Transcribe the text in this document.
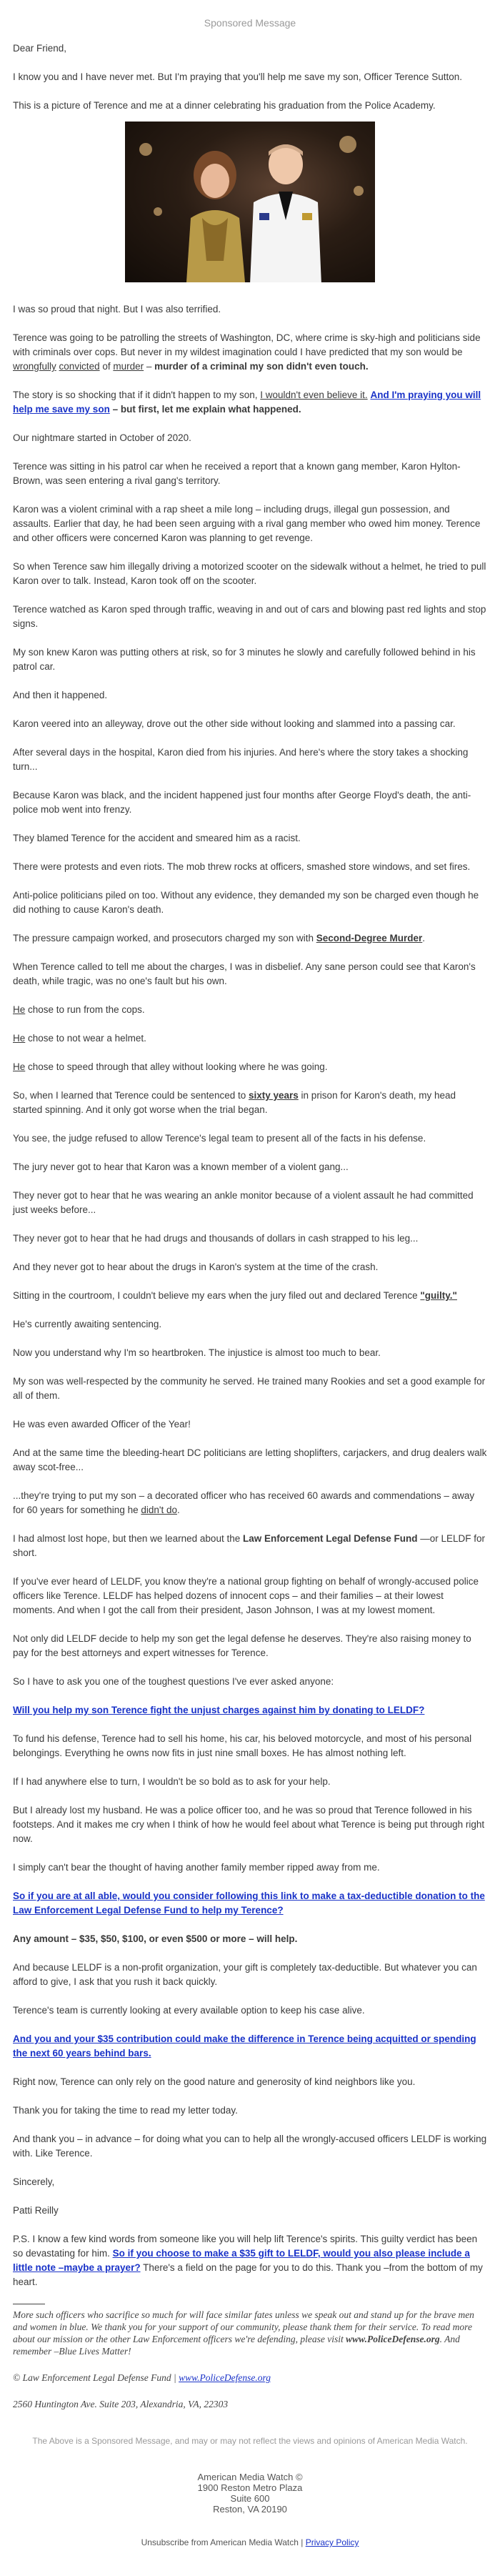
Sponsored Message

Dear Friend,

I know you and I have never met. But I'm praying that you'll help me save my son, Officer Terence Sutton.

This is a picture of Terence and me at a dinner celebrating his graduation from the Police Academy.

I was so proud that night. But I was also terrified.

Terence was going to be patrolling the streets of Washington, DC, where crime is sky-high and politicians side with criminals over cops. But never in my wildest imagination could I have predicted that my son would be wrongfully convicted of murder – murder of a criminal my son didn't even touch.

The story is so shocking that if it didn't happen to my son, I wouldn't even believe it. And I'm praying you will help me save my son – but first, let me explain what happened.

Our nightmare started in October of 2020.

Terence was sitting in his patrol car when he received a report that a known gang member, Karon Hylton-Brown, was seen entering a rival gang's territory.

Karon was a violent criminal with a rap sheet a mile long – including drugs, illegal gun possession, and assaults. Earlier that day, he had been seen arguing with a rival gang member who owed him money. Terence and other officers were concerned Karon was planning to get revenge.

So when Terence saw him illegally driving a motorized scooter on the sidewalk without a helmet, he tried to pull Karon over to talk. Instead, Karon took off on the scooter.

Terence watched as Karon sped through traffic, weaving in and out of cars and blowing past red lights and stop signs.

My son knew Karon was putting others at risk, so for 3 minutes he slowly and carefully followed behind in his patrol car.

And then it happened.

Karon veered into an alleyway, drove out the other side without looking and slammed into a passing car.

After several days in the hospital, Karon died from his injuries. And here's where the story takes a shocking turn...

Because Karon was black, and the incident happened just four months after George Floyd's death, the anti-police mob went into frenzy.

They blamed Terence for the accident and smeared him as a racist.

There were protests and even riots. The mob threw rocks at officers, smashed store windows, and set fires.

Anti-police politicians piled on too. Without any evidence, they demanded my son be charged even though he did nothing to cause Karon's death.

The pressure campaign worked, and prosecutors charged my son with Second-Degree Murder.

When Terence called to tell me about the charges, I was in disbelief. Any sane person could see that Karon's death, while tragic, was no one's fault but his own.

He chose to run from the cops.

He chose to not wear a helmet.

He chose to speed through that alley without looking where he was going.

So, when I learned that Terence could be sentenced to sixty years in prison for Karon's death, my head started spinning. And it only got worse when the trial began.

You see, the judge refused to allow Terence's legal team to present all of the facts in his defense.

The jury never got to hear that Karon was a known member of a violent gang...

They never got to hear that he was wearing an ankle monitor because of a violent assault he had committed just weeks before...

They never got to hear that he had drugs and thousands of dollars in cash strapped to his leg...

And they never got to hear about the drugs in Karon's system at the time of the crash.

Sitting in the courtroom, I couldn't believe my ears when the jury filed out and declared Terence "guilty."

He's currently awaiting sentencing.

Now you understand why I'm so heartbroken. The injustice is almost too much to bear.

My son was well-respected by the community he served. He trained many Rookies and set a good example for all of them.

He was even awarded Officer of the Year!

And at the same time the bleeding-heart DC politicians are letting shoplifters, carjackers, and drug dealers walk away scot-free...

...they're trying to put my son – a decorated officer who has received 60 awards and commendations – away for 60 years for something he didn't do.

I had almost lost hope, but then we learned about the Law Enforcement Legal Defense Fund —or LELDF for short.

If you've ever heard of LELDF, you know they're a national group fighting on behalf of wrongly-accused police officers like Terence. LELDF has helped dozens of innocent cops – and their families – at their lowest moments. And when I got the call from their president, Jason Johnson, I was at my lowest moment.

Not only did LELDF decide to help my son get the legal defense he deserves. They're also raising money to pay for the best attorneys and expert witnesses for Terence.

So I have to ask you one of the toughest questions I've ever asked anyone:

Will you help my son Terence fight the unjust charges against him by donating to LELDF?

To fund his defense, Terence had to sell his home, his car, his beloved motorcycle, and most of his personal belongings. Everything he owns now fits in just nine small boxes. He has almost nothing left.

If I had anywhere else to turn, I wouldn't be so bold as to ask for your help.

But I already lost my husband. He was a police officer too, and he was so proud that Terence followed in his footsteps. And it makes me cry when I think of how he would feel about what Terence is being put through right now.

I simply can't bear the thought of having another family member ripped away from me.

So if you are at all able, would you consider following this link to make a tax-deductible donation to the Law Enforcement Legal Defense Fund to help my Terence?

Any amount – $35, $50, $100, or even $500 or more – will help.

And because LELDF is a non-profit organization, your gift is completely tax-deductible. But whatever you can afford to give, I ask that you rush it back quickly.

Terence's team is currently looking at every available option to keep his case alive.

And you and your $35 contribution could make the difference in Terence being acquitted or spending the next 60 years behind bars.

Right now, Terence can only rely on the good nature and generosity of kind neighbors like you.

Thank you for taking the time to read my letter today.

And thank you – in advance – for doing what you can to help all the wrongly-accused officers LELDF is working with. Like Terence.

Sincerely,

Patti Reilly

P.S. I know a few kind words from someone like you will help lift Terence's spirits. This guilty verdict has been so devastating for him. So if you choose to make a $35 gift to LELDF, would you also please include a little note –maybe a prayer? There's a field on the page for you to do this. Thank you –from the bottom of my heart.

More such officers who sacrifice so much for will face similar fates unless we speak out and stand up for the brave men and women in blue. We thank you for your support of our community, please thank them for their service. To read more about our mission or the other Law Enforcement officers we're defending, please visit www.PoliceDefense.org. And remember –Blue Lives Matter!

© Law Enforcement Legal Defense Fund | www.PoliceDefense.org

2560 Huntington Ave. Suite 203, Alexandria, VA, 22303

The Above is a Sponsored Message, and may or may not reflect the views and opinions of American Media Watch.
American Media Watch ©
1900 Reston Metro Plaza
Suite 600
Reston, VA 20190
Unsubscribe from American Media Watch | Privacy Policy
